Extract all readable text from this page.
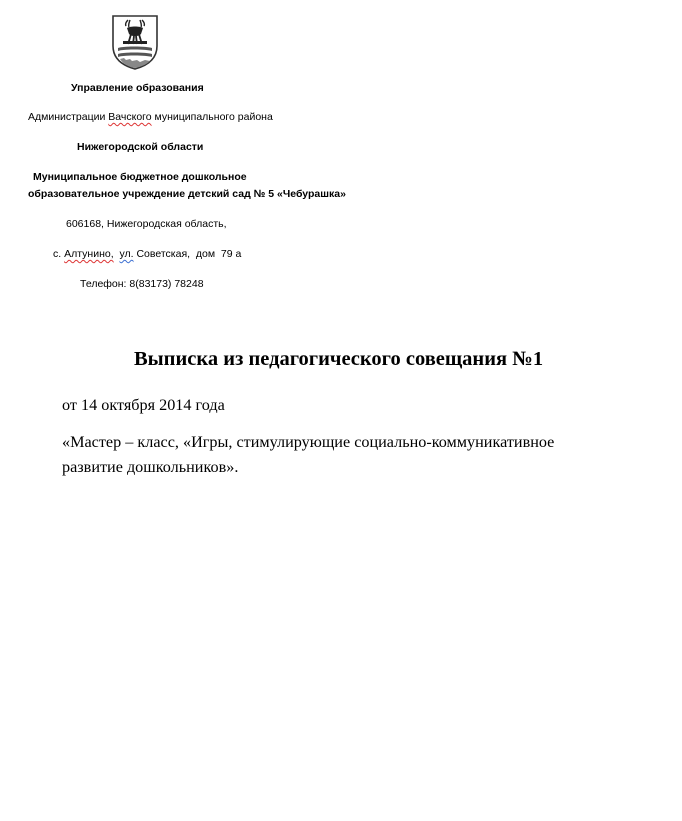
Управление образования
Администрации Вачского муниципального района
Нижегородской области
Муниципальное бюджетное дошкольное
образовательное учреждение детский сад № 5 «Чебурашка»
606168, Нижегородская область,
с. Алтунино, ул. Советская,  дом  79 а
Телефон: 8(83173) 78248
Выписка из педагогического совещания №1
от 14 октября 2014 года
«Мастер – класс, «Игры, стимулирующие социально-коммуникативное
развитие дошкольников».
